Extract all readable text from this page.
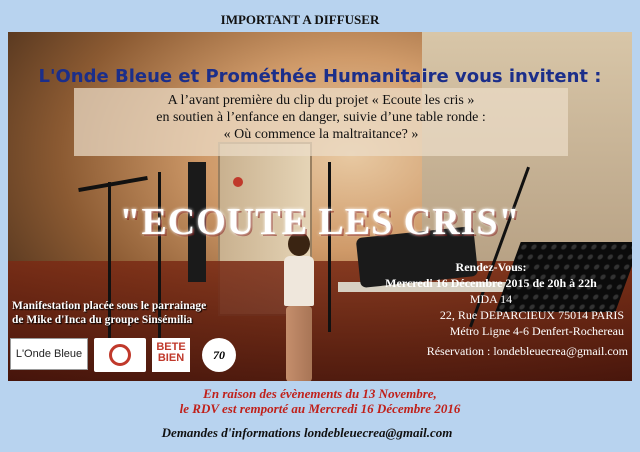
IMPORTANT A DIFFUSER

L'Onde Bleue et Prométhée Humanitaire vous invitent :

A l’avant première du clip du projet « Ecoute les cris »
en soutien à l’enfance en danger, suivie d’une table ronde :
« Où commence la maltraitance? »
"ECOUTE LES CRIS"
Manifestation placée sous le parrainage
de Mike d'Inca du groupe Sinsémilia
L'Onde Bleue
BETE BIEN	70
Rendez-Vous:
Mercredi 16 Décembre 2015 de 20h à 22h
MDA 14
22, Rue DEPARCIEUX 75014 PARIS
Métro Ligne 4-6 Denfert-Rochereau
Réservation : londebleuecrea@gmail.com
En raison des évènements du 13 Novembre,
le RDV est remporté au Mercredi 16 Décembre 2016
Demandes d'informations londebleuecrea@gmail.com
